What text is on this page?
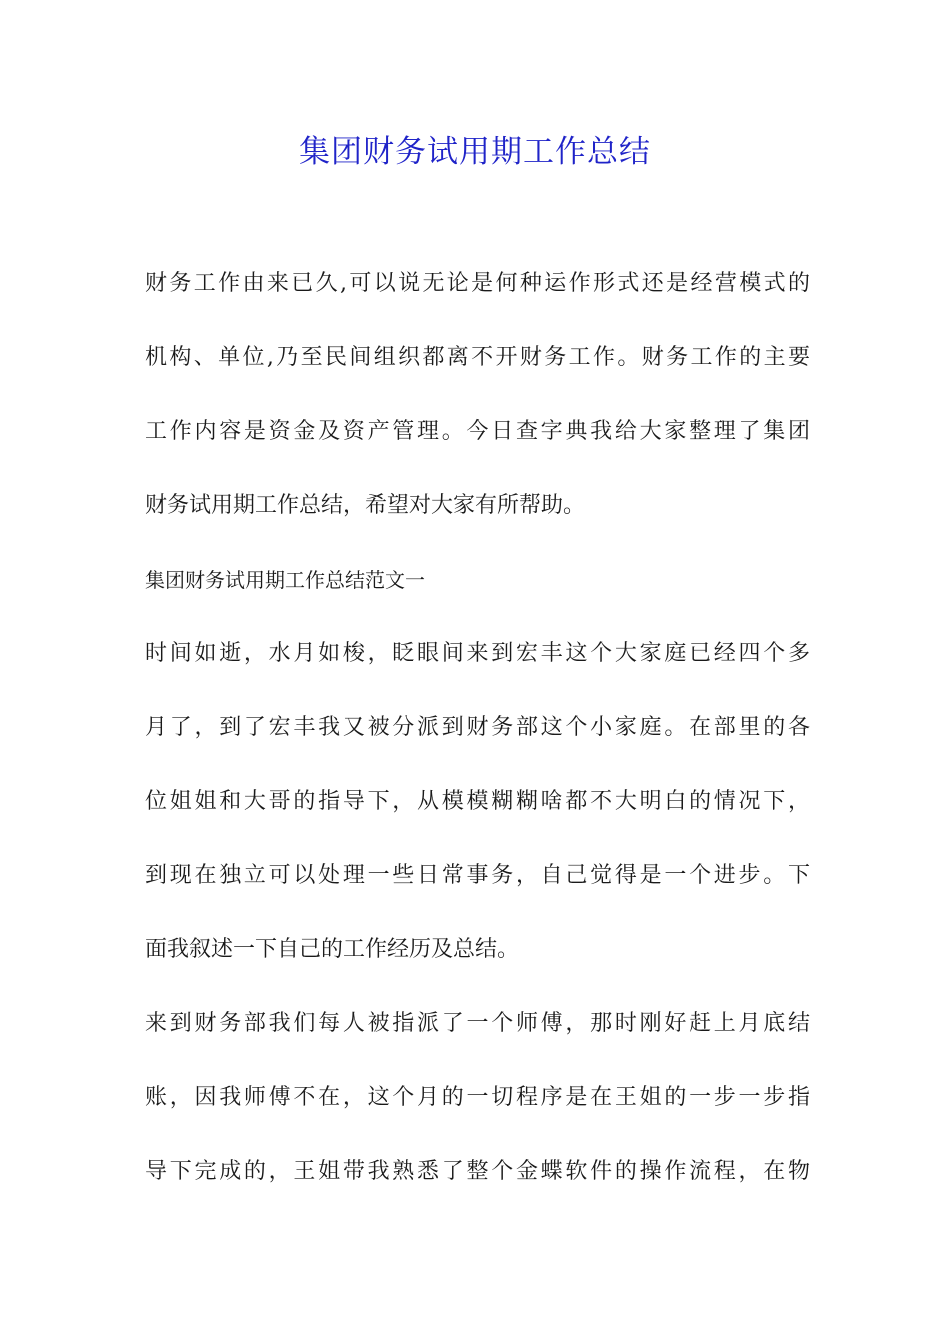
集团财务试用期工作总结
财务工作由来已久,可以说无论是何种运作形式还是经营模式的
机构、单位,乃至民间组织都离不开财务工作。财务工作的主要
工作内容是资金及资产管理。今日查字典我给大家整理了集团
财务试用期工作总结，希望对大家有所帮助。
集团财务试用期工作总结范文一
时间如逝，水月如梭，眨眼间来到宏丰这个大家庭已经四个多
月了，到了宏丰我又被分派到财务部这个小家庭。在部里的各
位姐姐和大哥的指导下，从模模糊糊啥都不大明白的情况下，
到现在独立可以处理一些日常事务，自己觉得是一个进步。下
面我叙述一下自己的工作经历及总结。
来到财务部我们每人被指派了一个师傅，那时刚好赶上月底结
账，因我师傅不在，这个月的一切程序是在王姐的一步一步指
导下完成的，王姐带我熟悉了整个金蝶软件的操作流程，在物
